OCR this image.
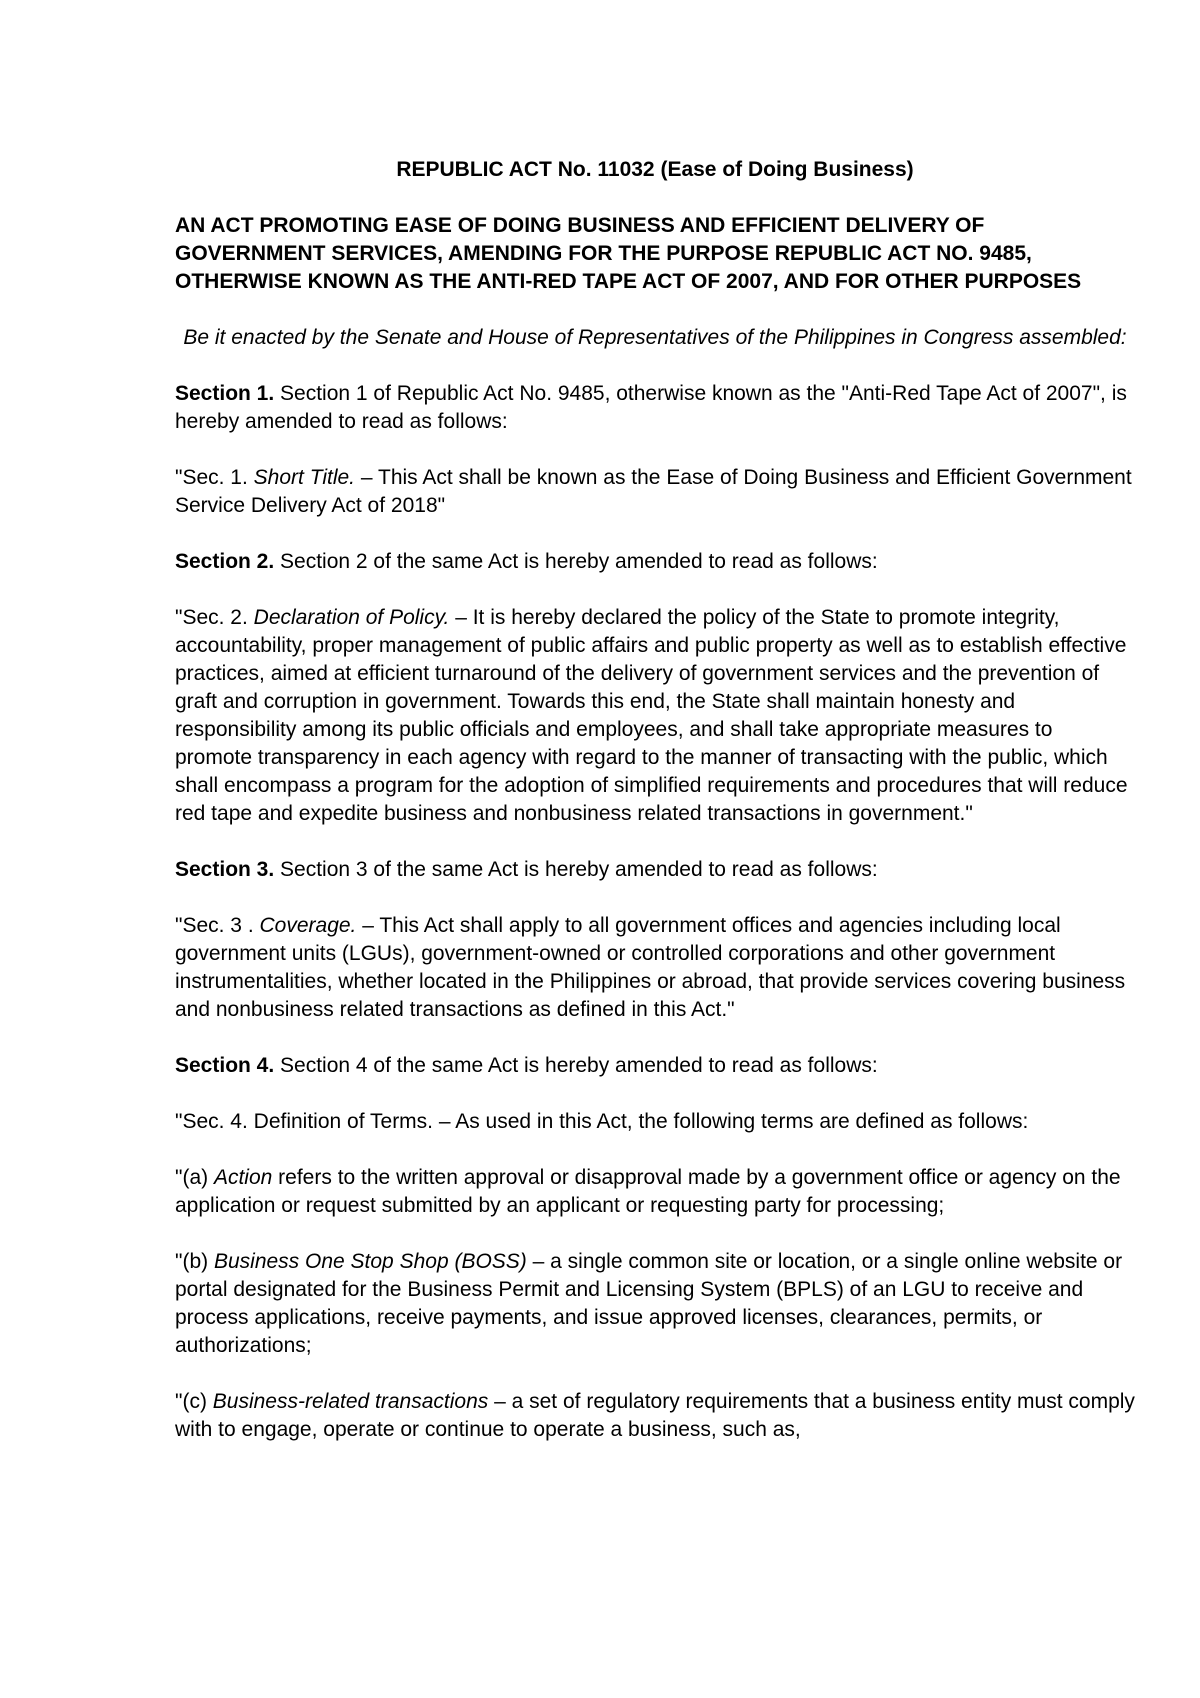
REPUBLIC ACT No. 11032 (Ease of Doing Business)
AN ACT PROMOTING EASE OF DOING BUSINESS AND EFFICIENT DELIVERY OF GOVERNMENT SERVICES, AMENDING FOR THE PURPOSE REPUBLIC ACT NO. 9485, OTHERWISE KNOWN AS THE ANTI-RED TAPE ACT OF 2007, AND FOR OTHER PURPOSES
Be it enacted by the Senate and House of Representatives of the Philippines in Congress assembled:

Section 1. Section 1 of Republic Act No. 9485, otherwise known as the "Anti-Red Tape Act of 2007", is hereby amended to read as follows:

"Sec. 1. Short Title. – This Act shall be known as the Ease of Doing Business and Efficient Government Service Delivery Act of 2018"

Section 2. Section 2 of the same Act is hereby amended to read as follows:

"Sec. 2. Declaration of Policy. – It is hereby declared the policy of the State to promote integrity, accountability, proper management of public affairs and public property as well as to establish effective practices, aimed at efficient turnaround of the delivery of government services and the prevention of graft and corruption in government. Towards this end, the State shall maintain honesty and responsibility among its public officials and employees, and shall take appropriate measures to promote transparency in each agency with regard to the manner of transacting with the public, which shall encompass a program for the adoption of simplified requirements and procedures that will reduce red tape and expedite business and nonbusiness related transactions in government."

Section 3. Section 3 of the same Act is hereby amended to read as follows:

"Sec. 3 . Coverage. – This Act shall apply to all government offices and agencies including local government units (LGUs), government-owned or controlled corporations and other government instrumentalities, whether located in the Philippines or abroad, that provide services covering business and nonbusiness related transactions as defined in this Act."

Section 4. Section 4 of the same Act is hereby amended to read as follows:

"Sec. 4. Definition of Terms. – As used in this Act, the following terms are defined as follows:

"(a) Action refers to the written approval or disapproval made by a government office or agency on the application or request submitted by an applicant or requesting party for processing;

"(b) Business One Stop Shop (BOSS) – a single common site or location, or a single online website or portal designated for the Business Permit and Licensing System (BPLS) of an LGU to receive and process applications, receive payments, and issue approved licenses, clearances, permits, or authorizations;

"(c) Business-related transactions – a set of regulatory requirements that a business entity must comply with to engage, operate or continue to operate a business, such as,
